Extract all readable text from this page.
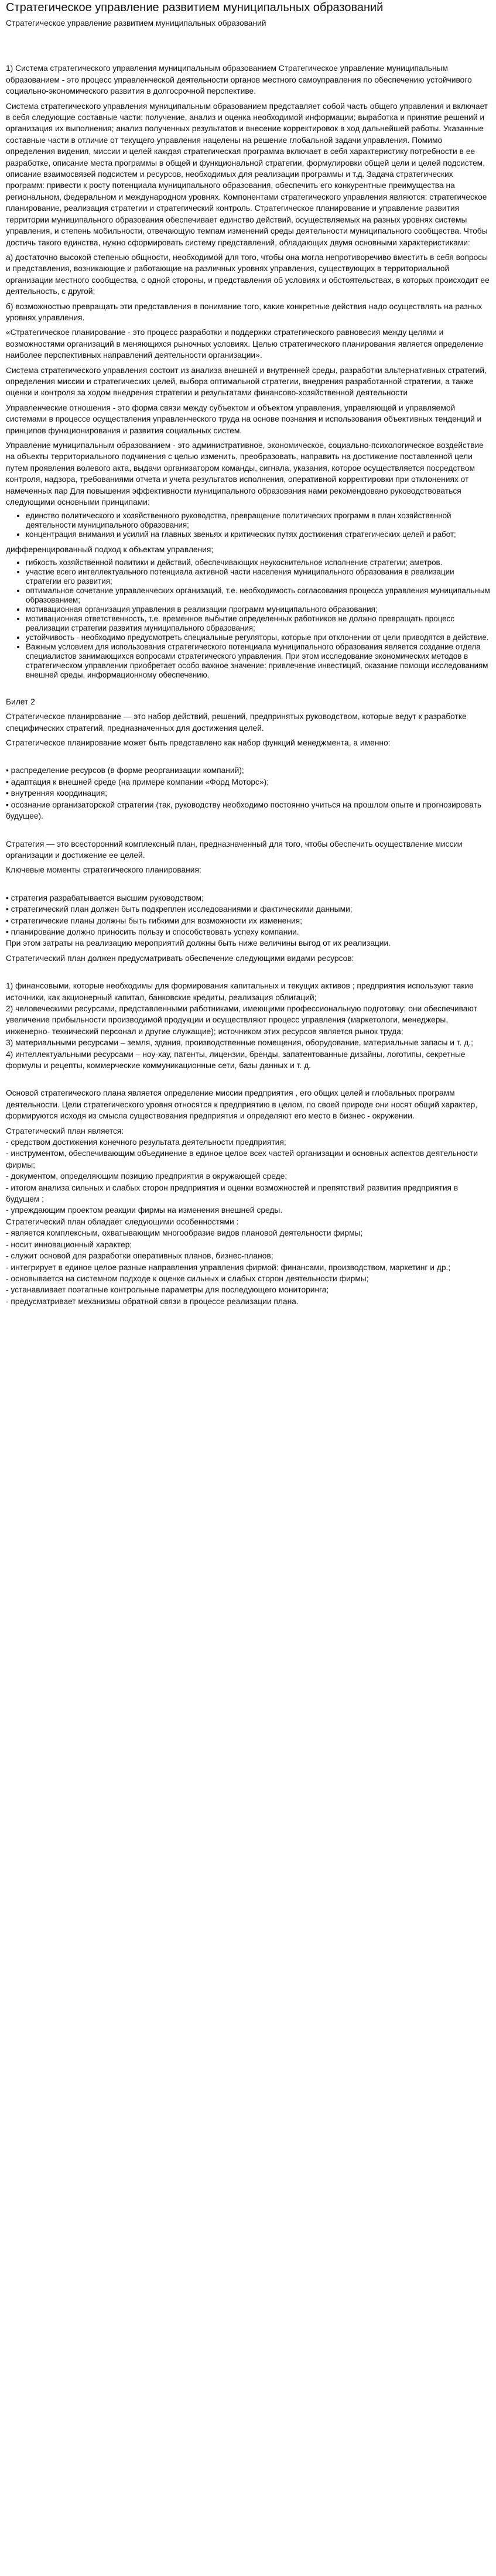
Стратегическое управление развитием муниципальных образований
Стратегическое управление развитием муниципальных образований

1) Система стратегического управления муниципальным образованием Стратегическое управление муниципальным образованием - это процесс управленческой деятельности органов местного самоуправления по обеспечению устойчивого социально-экономического развития в долгосрочной перспективе.

Система стратегического управления муниципальным образованием представляет собой часть общего управления и включает в себя следующие составные части: получение, анализ и оценка необходимой информации; выработка и принятие решений и организация их выполнения; анализ полученных результатов и внесение корректировок в ход дальнейшей работы. Указанные составные части в отличие от текущего управления нацелены на решение глобальной задачи управления. Помимо определения видения, миссии и целей каждая стратегическая программа включает в себя характеристику потребности в ее разработке, описание места программы в общей и функциональной стратегии, формулировки общей цели и целей подсистем, описание взаимосвязей подсистем и ресурсов, необходимых для реализации программы и т.д. Задача стратегических программ: привести к росту потенциала муниципального образования, обеспечить его конкурентные преимущества на региональном, федеральном и международном уровнях. Компонентами стратегического управления являются: стратегическое планирование, реализация стратегии и стратегический контроль. Стратегическое планирование и управление развития территории муниципального образования обеспечивает единство действий, осуществляемых на разных уровнях системы управления, и степень мобильности, отвечающую темпам изменений среды деятельности муниципального сообщества. Чтобы достичь такого единства, нужно сформировать систему представлений, обладающих двумя основными характеристиками:

а) достаточно высокой степенью общности, необходимой для того, чтобы она могла непротиворечиво вместить в себя вопросы и представления, возникающие и работающие на различных уровнях управления, существующих в территориальной организации местного сообщества, с одной стороны, и представления об условиях и обстоятельствах, в которых происходит ее деятельность, с другой;

б) возможностью превращать эти представления в понимание того, какие конкретные действия надо осуществлять на разных уровнях управления.

«Стратегическое планирование - это процесс разработки и поддержки стратегического равновесия между целями и возможностями организаций в меняющихся рыночных условиях. Целью стратегического планирования является определение наиболее перспективных направлений деятельности организации».

Система стратегического управления состоит из анализа внешней и внутренней среды, разработки альтернативных стратегий, определения миссии и стратегических целей, выбора оптимальной стратегии, внедрения разработанной стратегии, а также оценки и контроля за ходом внедрения стратегии и результатами финансово-хозяйственной деятельности

Управленческие отношения - это форма связи между субъектом и объектом управления, управляющей и управляемой системами в процессе осуществления управленческого труда на основе познания и использования объективных тенденций и принципов функционирования и развития социальных систем.

Управление муниципальным образованием - это административное, экономическое, социально-психологическое воздействие на объекты территориального подчинения с целью изменить, преобразовать, направить на достижение поставленной цели путем проявления волевого акта, выдачи организатором команды, сигнала, указания, которое осуществляется посредством контроля, надзора, требованиями отчета и учета результатов исполнения, оперативной корректировки при отклонениях от намеченных пар Для повышения эффективности муниципального образования нами рекомендовано руководствоваться следующими основными принципами:

• единство политического и хозяйственного руководства, превращение политических программ в план хозяйственной деятельности муниципального образования;
• концентрация внимания и усилий на главных звеньях и критических путях достижения стратегических целей и работ;

дифференцированный подход к объектам управления;

• гибкость хозяйственной политики и действий, обеспечивающих неукоснительное исполнение стратегии; аметров.
• участие всего интеллектуального потенциала активной части населения муниципального образования в реализации стратегии его развития;
• оптимальное сочетание управленческих организаций, т.е. необходимость согласования процесса управления муниципальным образованием;
• мотивационная организация управления в реализации программ муниципального образования;
• мотивационная ответственность, т.е. временное выбытие определенных работников не должно превращать процесс реализации стратегии развития муниципального образования;
• устойчивость - необходимо предусмотреть специальные регуляторы, которые при отклонении от цели приводятся в действие.
• Важным условием для использования стратегического потенциала муниципального образования является создание отдела специалистов занимающихся вопросами стратегического управления. При этом исследование экономических методов в стратегическом управлении приобретает особо важное значение: привлечение инвестиций, оказание помощи исследованиям внешней среды, информационному обеспечению.

Билет 2

Стратегическое планирование — это набор действий, решений, предпринятых руководством, которые ведут к разработке специфических стратегий, предназначенных для достижения целей.

Стратегическое планирование может быть представлено как набор функций менеджмента, а именно:

• распределение ресурсов (в форме реорганизации компаний);

• адаптация к внешней среде (на примере компании «Форд Моторс»);

• внутренняя координация;

• осознание организаторской стратегии (так, руководству необходимо постоянно учиться на прошлом опыте и прогнозировать будущее).

Стратегия — это всесторонний комплексный план, предназначенный для того, чтобы обеспечить осуществление миссии организации и достижение ее целей.

Ключевые моменты стратегического планирования:

• стратегия разрабатывается высшим руководством;

• стратегический план должен быть подкреплен исследованиями и фактическими данными;

• стратегические планы должны быть гибкими для возможности их изменения;

• планирование должно приносить пользу и способствовать успеху компании.

При этом затраты на реализацию мероприятий должны быть ниже величины выгод от их реализации.

Стратегический план должен предусматривать обеспечение следующими видами ресурсов:

1) финансовыми, которые необходимы для формирования капитальных и текущих активов ; предприятия используют такие источники, как акционерный капитал, банковские кредиты, реализация облигаций;

2) человеческими ресурсами, представленными работниками, имеющими профессиональную подготовку; они обеспечивают увеличение прибыльности производимой продукции и осуществляют процесс управления (маркетологи, менеджеры, инженерно- технический персонал и другие служащие); источником этих ресурсов является рынок труда;

3) материальными ресурсами – земля, здания, производственные помещения, оборудование, материальные запасы и т. д.;

4) интеллектуальными ресурсами – ноу-хау, патенты, лицензии, бренды, запатентованные дизайны, логотипы, секретные формулы и рецепты, коммерческие коммуникационные сети, базы данных и т. д.

Основой стратегического плана является определение миссии предприятия , его общих целей и глобальных программ деятельности. Цели стратегического уровня относятся к предприятию в целом, по своей природе они носят общий характер, формируются исходя из смысла существования предприятия и определяют его место в бизнес - окружении.

Стратегический план является:

- средством достижения конечного результата деятельности предприятия;

- инструментом, обеспечивающим объединение в единое целое всех частей организации и основных аспектов деятельности фирмы;

- документом, определяющим позицию предприятия в окружающей среде;

- итогом анализа сильных и слабых сторон предприятия и оценки возможностей и препятствий развития предприятия в будущем ;

- упреждающим проектом реакции фирмы на изменения внешней среды.

Стратегический план обладает следующими особенностями :

- является комплексным, охватывающим многообразие видов плановой деятельности фирмы;

- носит инновационный характер;

- служит основой для разработки оперативных планов, бизнес-планов;

- интегрирует в единое целое разные направления управления фирмой: финансами, производством, маркетинг и др.;

- основывается на системном подходе к оценке сильных и слабых сторон деятельности фирмы;

- устанавливает поэтапные контрольные параметры для последующего мониторинга;

- предусматривает механизмы обратной связи в процессе реализации плана.
